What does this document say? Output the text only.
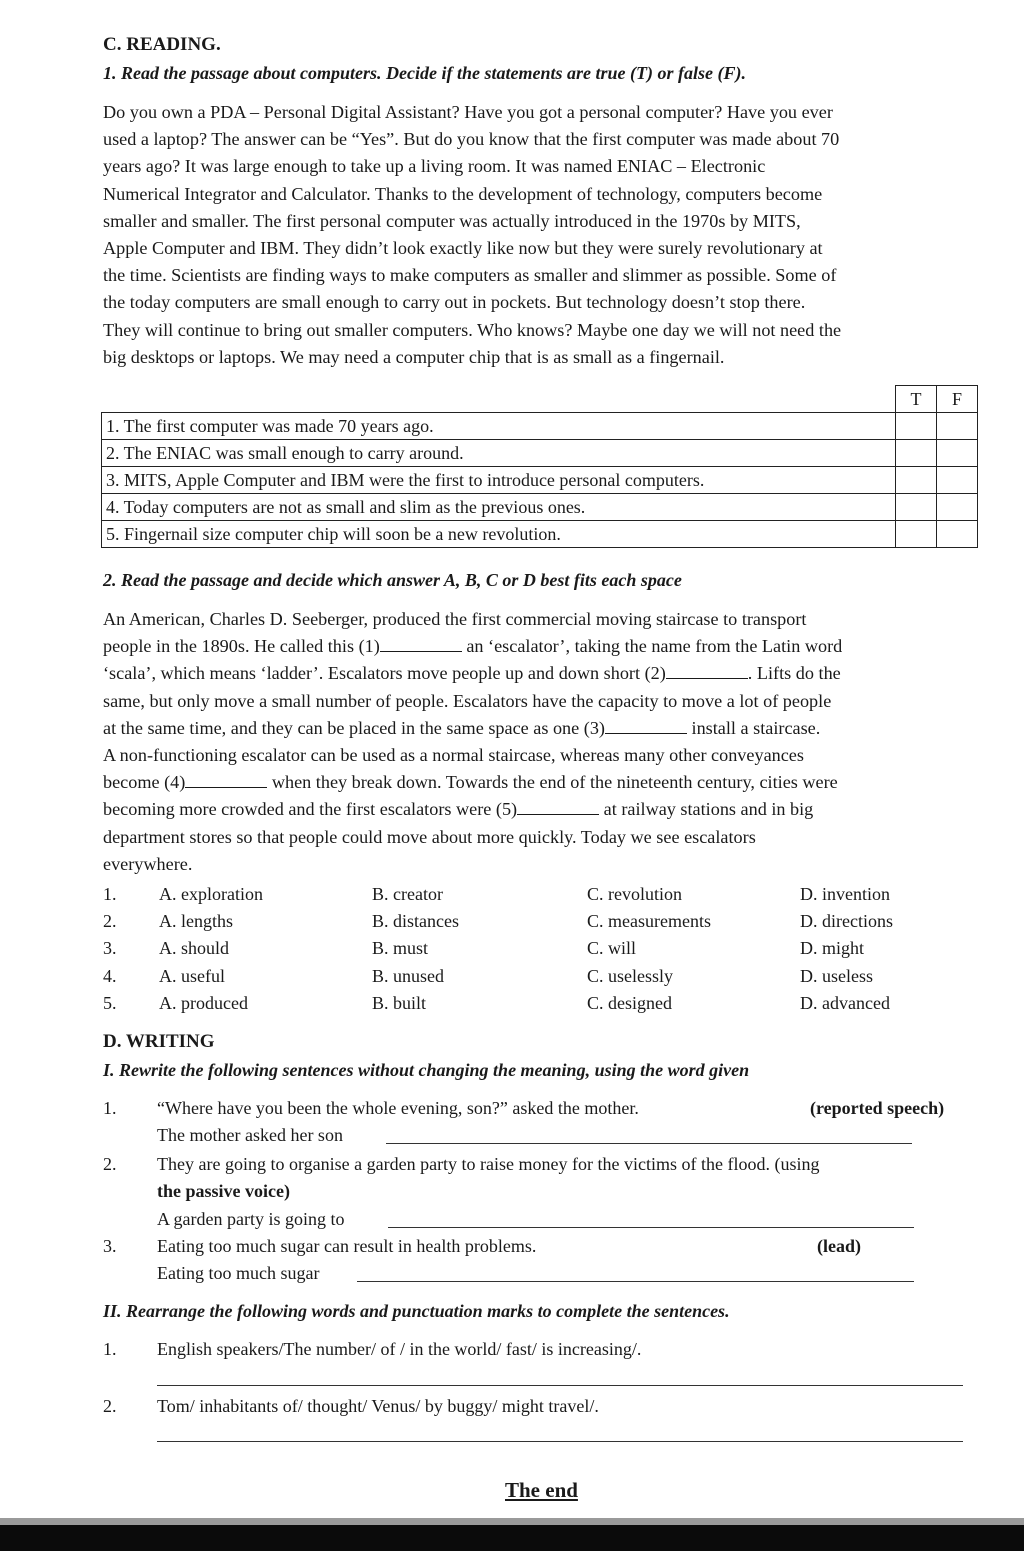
C. READING.
1. Read the passage about computers. Decide if the statements are true (T) or false (F).
Do you own a PDA – Personal Digital Assistant? Have you got a personal computer? Have you ever
used a laptop? The answer can be “Yes”. But do you know that the first computer was made about 70
years ago? It was large enough to take up a living room. It was named ENIAC – Electronic
Numerical Integrator and Calculator. Thanks to the development of technology, computers become
smaller and smaller. The first personal computer was actually introduced in the 1970s by MITS,
Apple Computer and IBM. They didn’t look exactly like now but they were surely revolutionary at
the time. Scientists are finding ways to make computers as smaller and slimmer as possible. Some of
the today computers are small enough to carry out in pockets. But technology doesn’t stop there.
They will continue to bring out smaller computers. Who knows? Maybe one day we will not need the
big desktops or laptops. We may need a computer chip that is as small as a fingernail.
	T	F
1. The first computer was made 70 years ago.		
2. The ENIAC was small enough to carry around.		
3. MITS, Apple Computer and IBM were the first to introduce personal computers.		
4. Today computers are not as small and slim as the previous ones.		
5. Fingernail size computer chip will soon be a new revolution.		
2. Read the passage and decide which answer A, B, C or D best fits each space
An American, Charles D. Seeberger, produced the first commercial moving staircase to transport
people in the 1890s. He called this (1)	an ‘escalator’, taking the name from the Latin word
‘scala’, which means ‘ladder’. Escalators move people up and down short (2)	. Lifts do the
same, but only move a small number of people. Escalators have the capacity to move a lot of people
at the same time, and they can be placed in the same space as one (3)	install a staircase.
A non-functioning escalator can be used as a normal staircase, whereas many other conveyances
become (4)	when they break down. Towards the end of the nineteenth century, cities were
becoming more crowded and the first escalators were (5)	at railway stations and in big
department stores so that people could move about more quickly. Today we see escalators
everywhere.
1. A. exploration	B. creator	C. revolution	D. invention
2. A. lengths	B. distances	C. measurements	D. directions
3. A. should	B. must	C. will	D. might
4. A. useful	B. unused	C. uselessly	D. useless
5. A. produced	B. built	C. designed	D. advanced
D. WRITING
I. Rewrite the following sentences without changing the meaning, using the word given
1. “Where have you been the whole evening, son?” asked the mother.	(reported speech)
The mother asked her son
2. They are going to organise a garden party to raise money for the victims of the flood. (using
the passive voice)
A garden party is going to
3. Eating too much sugar can result in health problems.	(lead)
Eating too much sugar
II. Rearrange the following words and punctuation marks to complete the sentences.
1. English speakers/The number/ of / in the world/ fast/ is increasing/.
2. Tom/ inhabitants of/ thought/ Venus/ by buggy/ might travel/.
The end
